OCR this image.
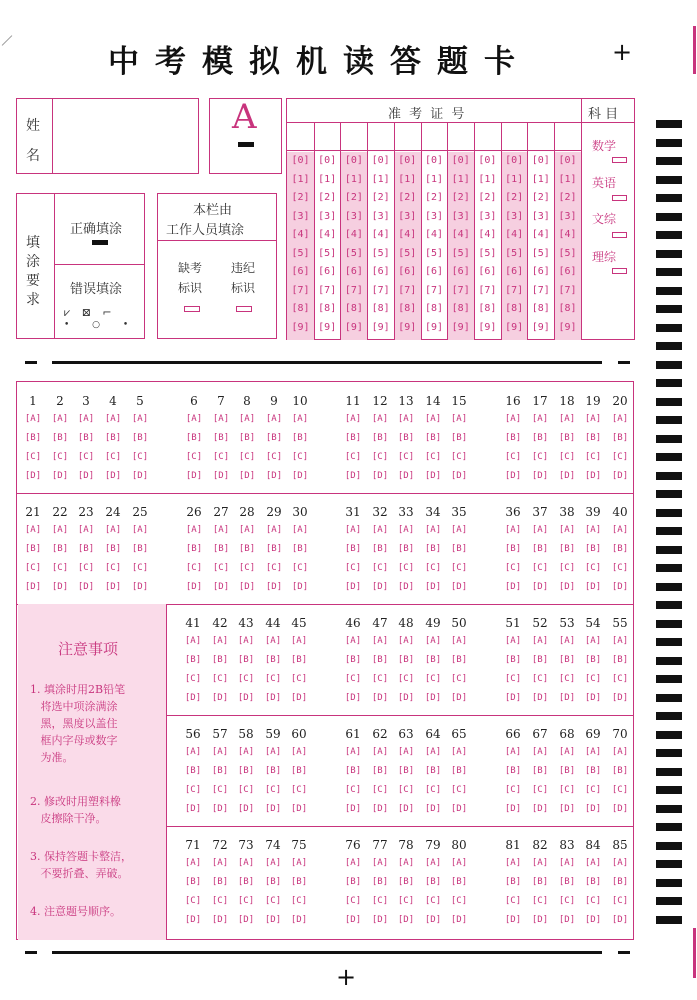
中考模拟机读答题卡	+
+
姓
名
A
填
涂
要
求
正确填涂
错误填涂
⩗ ⊠ ⌐
• ○ •
本栏由
工作人员填涂
缺考
标识
违纪
标识
准 考 证 号	科 目
[0]
[1]
[2]
[3]
[4]
[5]
[6]
[7]
[8]
[9]
[0]
[1]
[2]
[3]
[4]
[5]
[6]
[7]
[8]
[9]
[0]
[1]
[2]
[3]
[4]
[5]
[6]
[7]
[8]
[9]
[0]
[1]
[2]
[3]
[4]
[5]
[6]
[7]
[8]
[9]
[0]
[1]
[2]
[3]
[4]
[5]
[6]
[7]
[8]
[9]
[0]
[1]
[2]
[3]
[4]
[5]
[6]
[7]
[8]
[9]
[0]
[1]
[2]
[3]
[4]
[5]
[6]
[7]
[8]
[9]
[0]
[1]
[2]
[3]
[4]
[5]
[6]
[7]
[8]
[9]
[0]
[1]
[2]
[3]
[4]
[5]
[6]
[7]
[8]
[9]
[0]
[1]
[2]
[3]
[4]
[5]
[6]
[7]
[8]
[9]
[0]
[1]
[2]
[3]
[4]
[5]
[6]
[7]
[8]
[9]
数学
英语
文综
理综
注意事项
1. 填涂时用2B铅笔
将选中项涂满涂
黑，黑度以盖住
框内字母或数字
为准。
2. 修改时用塑料橡
皮擦除干净。
3. 保持答题卡整洁，
不要折叠、弄破。
4. 注意题号顺序。
1
[A]
[B]
[C]
[D]
2
[A]
[B]
[C]
[D]
3
[A]
[B]
[C]
[D]
4
[A]
[B]
[C]
[D]
5
[A]
[B]
[C]
[D]
6
[A]
[B]
[C]
[D]
7
[A]
[B]
[C]
[D]
8
[A]
[B]
[C]
[D]
9
[A]
[B]
[C]
[D]
10
[A]
[B]
[C]
[D]
11
[A]
[B]
[C]
[D]
12
[A]
[B]
[C]
[D]
13
[A]
[B]
[C]
[D]
14
[A]
[B]
[C]
[D]
15
[A]
[B]
[C]
[D]
16
[A]
[B]
[C]
[D]
17
[A]
[B]
[C]
[D]
18
[A]
[B]
[C]
[D]
19
[A]
[B]
[C]
[D]
20
[A]
[B]
[C]
[D]
21
[A]
[B]
[C]
[D]
22
[A]
[B]
[C]
[D]
23
[A]
[B]
[C]
[D]
24
[A]
[B]
[C]
[D]
25
[A]
[B]
[C]
[D]
26
[A]
[B]
[C]
[D]
27
[A]
[B]
[C]
[D]
28
[A]
[B]
[C]
[D]
29
[A]
[B]
[C]
[D]
30
[A]
[B]
[C]
[D]
31
[A]
[B]
[C]
[D]
32
[A]
[B]
[C]
[D]
33
[A]
[B]
[C]
[D]
34
[A]
[B]
[C]
[D]
35
[A]
[B]
[C]
[D]
36
[A]
[B]
[C]
[D]
37
[A]
[B]
[C]
[D]
38
[A]
[B]
[C]
[D]
39
[A]
[B]
[C]
[D]
40
[A]
[B]
[C]
[D]
41
[A]
[B]
[C]
[D]
42
[A]
[B]
[C]
[D]
43
[A]
[B]
[C]
[D]
44
[A]
[B]
[C]
[D]
45
[A]
[B]
[C]
[D]
46
[A]
[B]
[C]
[D]
47
[A]
[B]
[C]
[D]
48
[A]
[B]
[C]
[D]
49
[A]
[B]
[C]
[D]
50
[A]
[B]
[C]
[D]
51
[A]
[B]
[C]
[D]
52
[A]
[B]
[C]
[D]
53
[A]
[B]
[C]
[D]
54
[A]
[B]
[C]
[D]
55
[A]
[B]
[C]
[D]
56
[A]
[B]
[C]
[D]
57
[A]
[B]
[C]
[D]
58
[A]
[B]
[C]
[D]
59
[A]
[B]
[C]
[D]
60
[A]
[B]
[C]
[D]
61
[A]
[B]
[C]
[D]
62
[A]
[B]
[C]
[D]
63
[A]
[B]
[C]
[D]
64
[A]
[B]
[C]
[D]
65
[A]
[B]
[C]
[D]
66
[A]
[B]
[C]
[D]
67
[A]
[B]
[C]
[D]
68
[A]
[B]
[C]
[D]
69
[A]
[B]
[C]
[D]
70
[A]
[B]
[C]
[D]
71
[A]
[B]
[C]
[D]
72
[A]
[B]
[C]
[D]
73
[A]
[B]
[C]
[D]
74
[A]
[B]
[C]
[D]
75
[A]
[B]
[C]
[D]
76
[A]
[B]
[C]
[D]
77
[A]
[B]
[C]
[D]
78
[A]
[B]
[C]
[D]
79
[A]
[B]
[C]
[D]
80
[A]
[B]
[C]
[D]
81
[A]
[B]
[C]
[D]
82
[A]
[B]
[C]
[D]
83
[A]
[B]
[C]
[D]
84
[A]
[B]
[C]
[D]
85
[A]
[B]
[C]
[D]
